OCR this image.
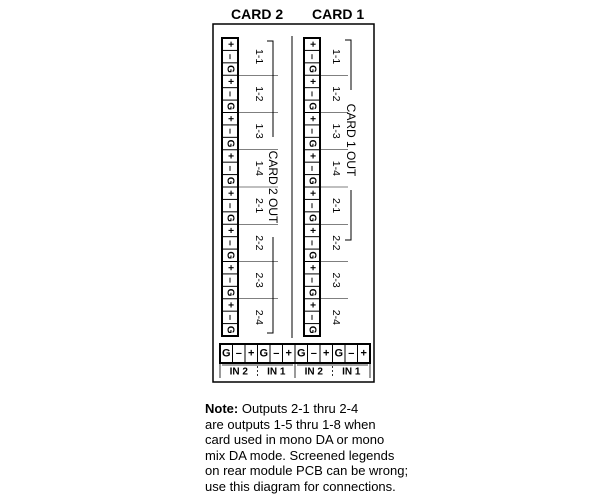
CARD 2 CARD 1
+
–
G
+
–
G
+
–
G
+
–
G
+
–
G
+
–
G
+
–
G
+
–
G
1-1
1-2
1-3
1-4
2-1
2-2
2-3
2-4
CARD 2 OUT
+
–
G
+
–
G
+
–
G
+
–
G
+
–
G
+
–
G
+
–
G
+
–
G
1-1
1-2
1-3
1-4
2-1
2-2
2-3
2-4
CARD 1 OUT
G – + G – + G – + G – +
IN 2 IN 1 IN 2 IN 1
Note: Outputs 2-1 thru 2-4
are outputs 1-5 thru 1-8 when
card used in mono DA or mono
mix DA mode. Screened legends
on rear module PCB can be wrong;
use this diagram for connections.
